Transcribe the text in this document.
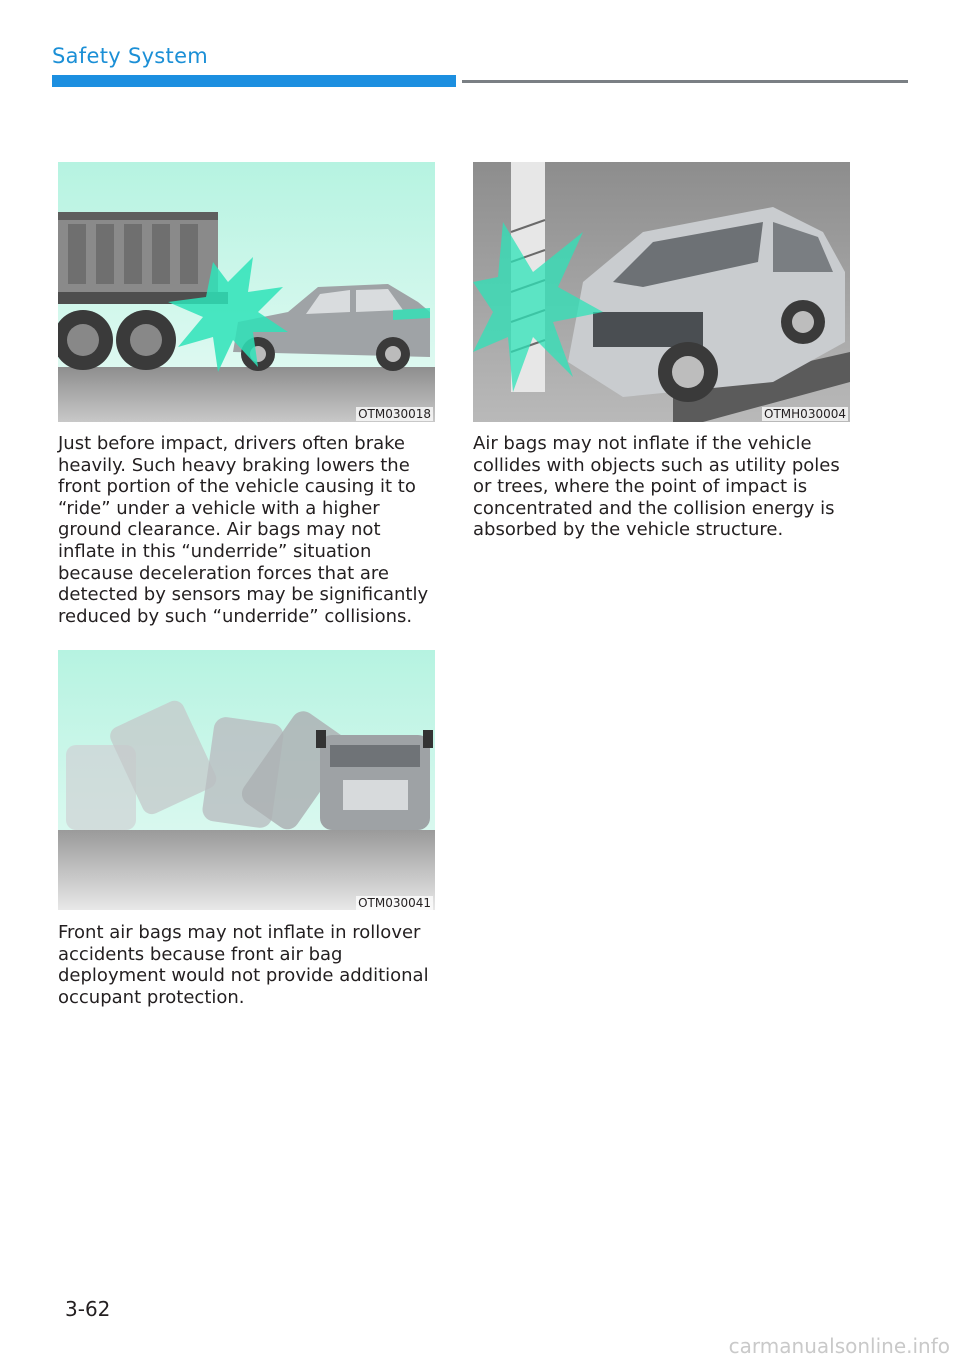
Safety System
OTM030018	OTMH030004
OTM030041

Just before impact, drivers often brake heavily. Such heavy braking lowers the front portion of the vehicle causing it to “ride” under a vehicle with a higher ground clearance. Air bags may not inflate in this “underride” situation because deceleration forces that are detected by sensors may be significantly reduced by such “underride” collisions.

Air bags may not inflate if the vehicle collides with objects such as utility poles or trees, where the point of impact is concentrated and the collision energy is absorbed by the vehicle structure.

Front air bags may not inflate in rollover accidents because front air bag deployment would not provide additional occupant protection.

3-62
carmanualsonline.info
